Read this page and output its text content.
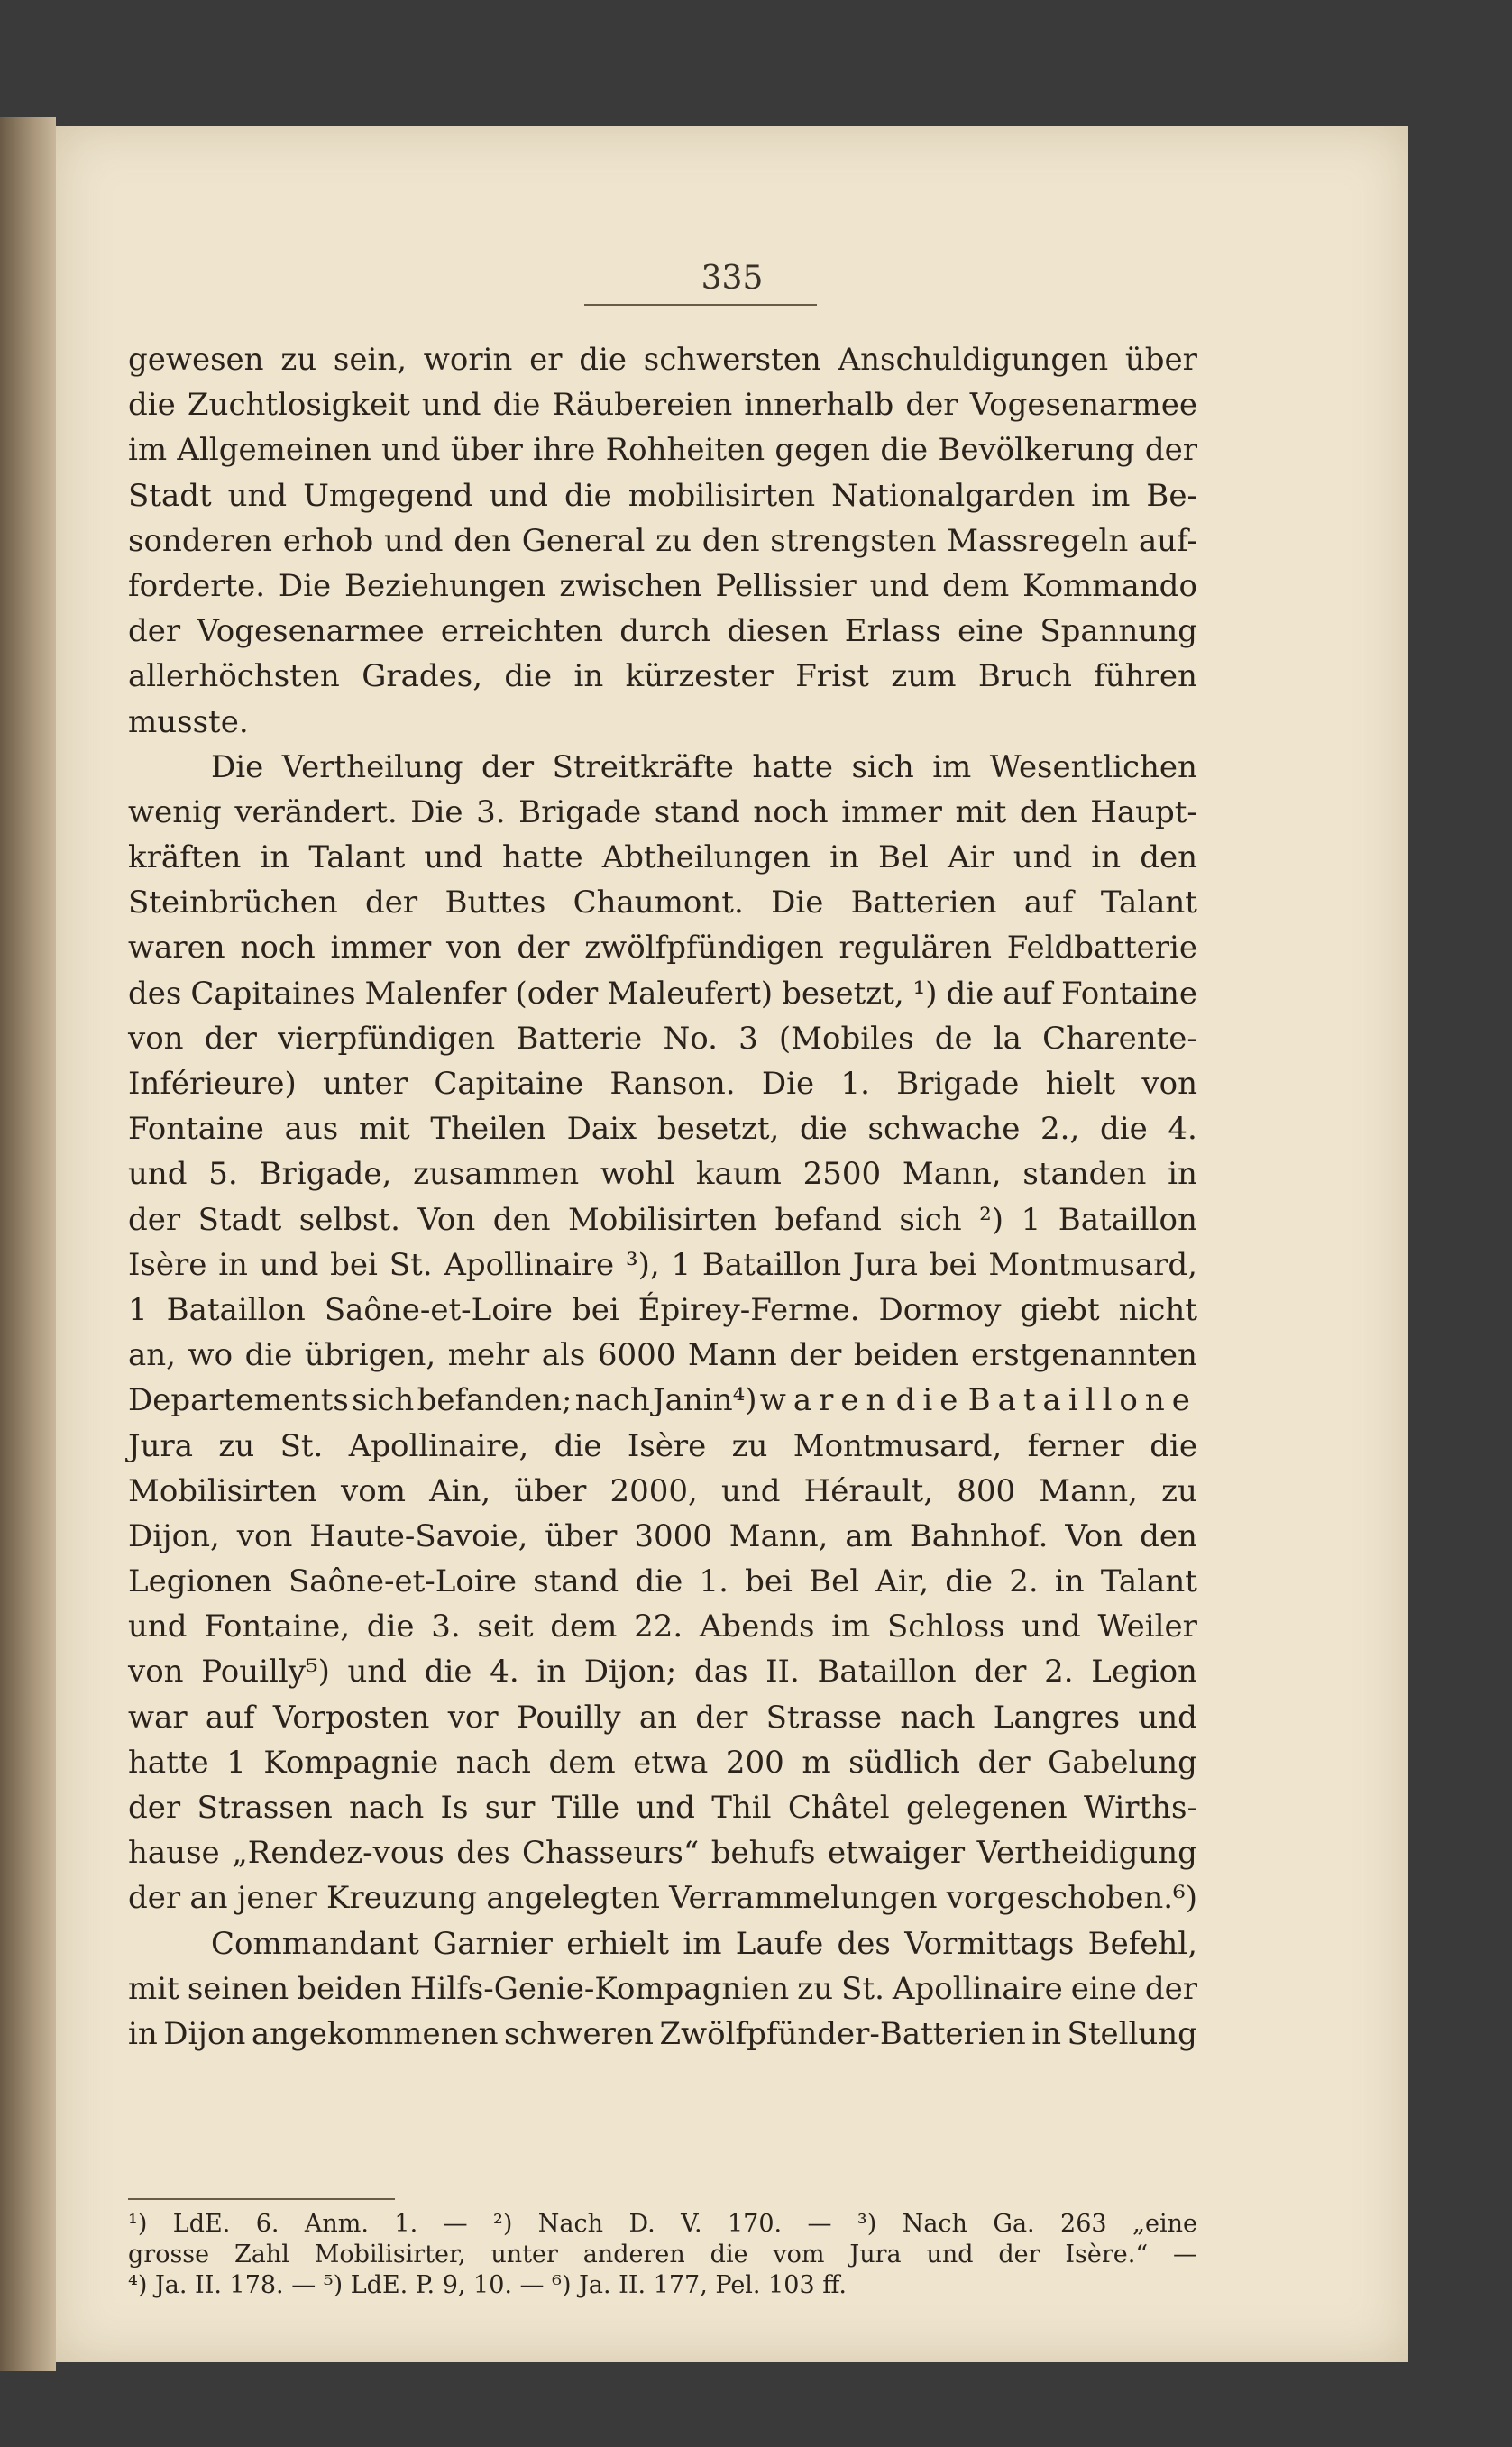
335
gewesen zu sein, worin er die schwersten Anschuldigungen über
die Zuchtlosigkeit und die Räubereien innerhalb der Vogesenarmee
im Allgemeinen und über ihre Rohheiten gegen die Bevölkerung der
Stadt und Umgegend und die mobilisirten Nationalgarden im Be-
sonderen erhob und den General zu den strengsten Massregeln auf-
forderte. Die Beziehungen zwischen Pellissier und dem Kommando
der Vogesenarmee erreichten durch diesen Erlass eine Spannung
allerhöchsten Grades, die in kürzester Frist zum Bruch führen
musste.
Die Vertheilung der Streitkräfte hatte sich im Wesentlichen
wenig verändert. Die 3. Brigade stand noch immer mit den Haupt-
kräften in Talant und hatte Abtheilungen in Bel Air und in den
Steinbrüchen der Buttes Chaumont. Die Batterien auf Talant
waren noch immer von der zwölfpfündigen regulären Feldbatterie
des Capitaines Malenfer (oder Maleufert) besetzt, ¹) die auf Fontaine
von der vierpfündigen Batterie No. 3 (Mobiles de la Charente-
Inférieure) unter Capitaine Ranson. Die 1. Brigade hielt von
Fontaine aus mit Theilen Daix besetzt, die schwache 2., die 4.
und 5. Brigade, zusammen wohl kaum 2500 Mann, standen in
der Stadt selbst. Von den Mobilisirten befand sich ²) 1 Bataillon
Isère in und bei St. Apollinaire ³), 1 Bataillon Jura bei Montmusard,
1 Bataillon Saône-et-Loire bei Épirey-Ferme. Dormoy giebt nicht
an, wo die übrigen, mehr als 6000 Mann der beiden erstgenannten
Departements sich befanden; nach Janin⁴) waren die Bataillone
Jura zu St. Apollinaire, die Isère zu Montmusard, ferner die
Mobilisirten vom Ain, über 2000, und Hérault, 800 Mann, zu
Dijon, von Haute-Savoie, über 3000 Mann, am Bahnhof. Von den
Legionen Saône-et-Loire stand die 1. bei Bel Air, die 2. in Talant
und Fontaine, die 3. seit dem 22. Abends im Schloss und Weiler
von Pouilly⁵) und die 4. in Dijon; das II. Bataillon der 2. Legion
war auf Vorposten vor Pouilly an der Strasse nach Langres und
hatte 1 Kompagnie nach dem etwa 200 m südlich der Gabelung
der Strassen nach Is sur Tille und Thil Châtel gelegenen Wirths-
hause „Rendez-vous des Chasseurs“ behufs etwaiger Vertheidigung
der an jener Kreuzung angelegten Verrammelungen vorgeschoben.⁶)
Commandant Garnier erhielt im Laufe des Vormittags Befehl,
mit seinen beiden Hilfs-Genie-Kompagnien zu St. Apollinaire eine der
in Dijon angekommenen schweren Zwölfpfünder-Batterien in Stellung
¹) LdE. 6. Anm. 1. — ²) Nach D. V. 170. — ³) Nach Ga. 263 „eine
grosse Zahl Mobilisirter, unter anderen die vom Jura und der Isère.“ —
⁴) Ja. II. 178. — ⁵) LdE. P. 9, 10. — ⁶) Ja. II. 177, Pel. 103 ff.
